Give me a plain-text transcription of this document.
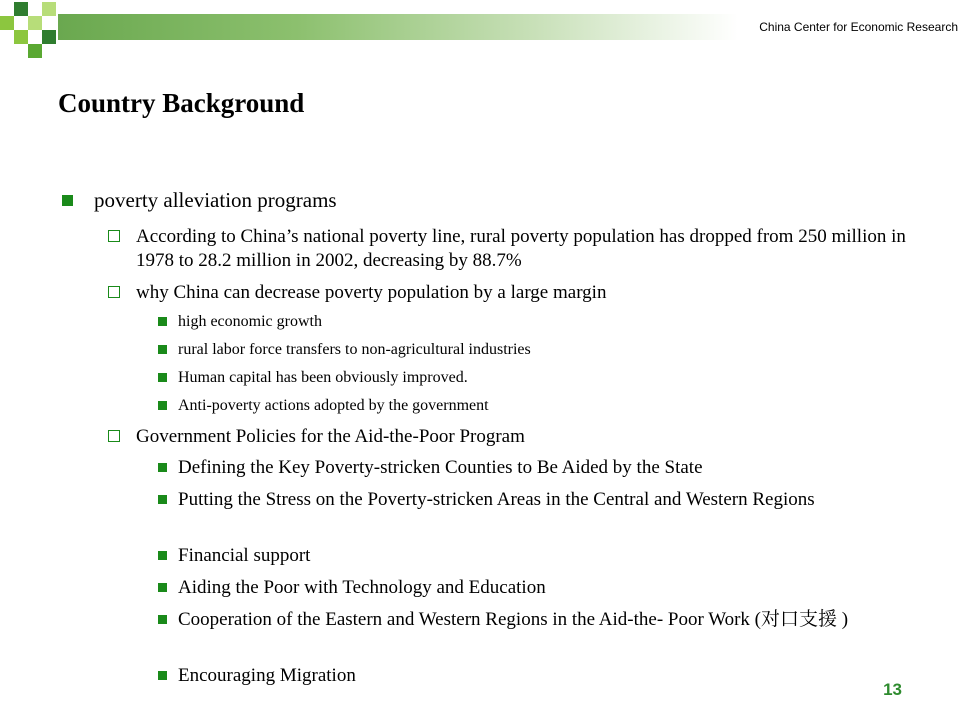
China Center for Economic Research
Country Background
poverty alleviation programs
According to China’s national poverty line, rural poverty population has dropped from 250 million in 1978 to 28.2 million in 2002, decreasing by 88.7%
why China can decrease poverty population by a large margin
high economic growth
rural labor force transfers to non-agricultural industries
Human capital has been obviously improved.
Anti-poverty actions adopted by the government
Government Policies for the Aid-the-Poor Program
Defining the Key Poverty-stricken Counties to Be Aided by the State
Putting the Stress on the Poverty-stricken Areas in the Central and Western Regions
Financial support
Aiding the Poor with Technology and Education
Cooperation of the Eastern and Western Regions in the Aid-the- Poor Work (对口支援 )
Encouraging Migration
13
